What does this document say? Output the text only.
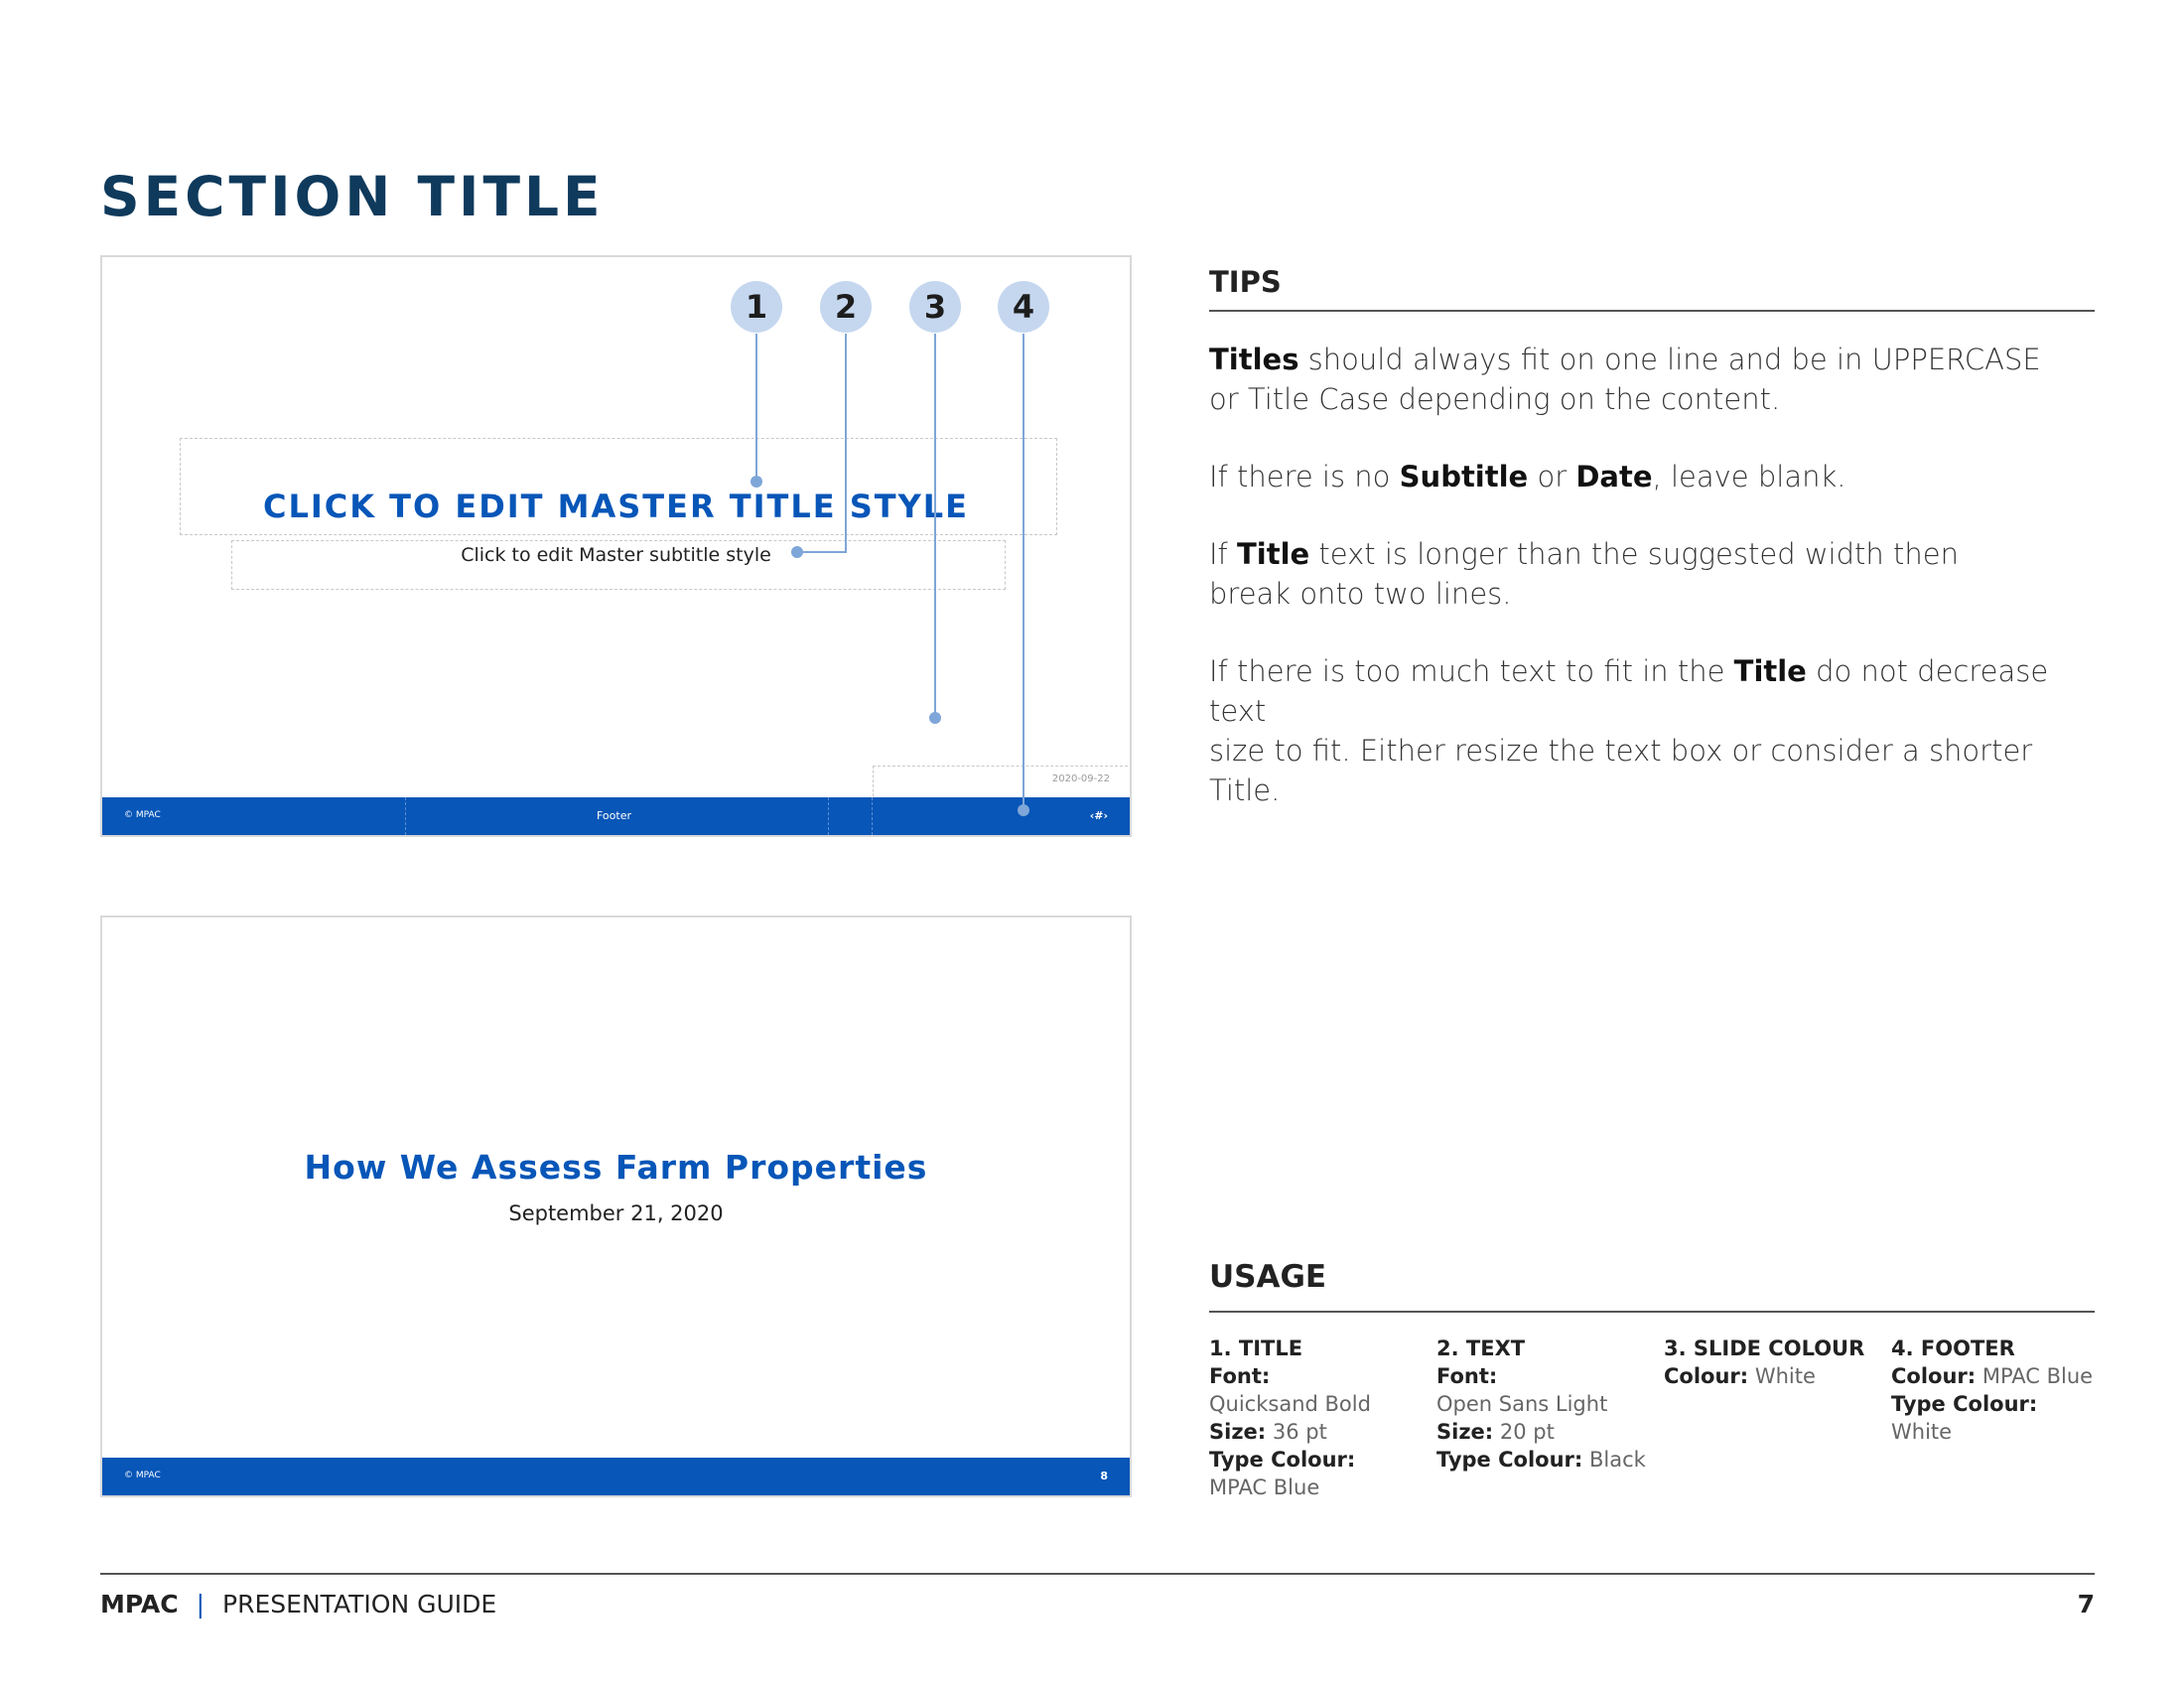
SECTION TITLE
CLICK TO EDIT MASTER TITLE STYLE
Click to edit Master subtitle style
2020-09-22
© MPAC	Footer	‹#›
1	2	3	4
How We Assess Farm Properties
September 21, 2020
© MPAC	8
TIPS
Titles should always fit on one line and be in UPPERCASE
or Title Case depending on the content.
If there is no Subtitle or Date, leave blank.
If Title text is longer than the suggested width then
break onto two lines.
If there is too much text to fit in the Title do not decrease text
size to fit. Either resize the text box or consider a shorter Title.
USAGE
1. TITLE
Font:
Quicksand Bold
Size: 36 pt
Type Colour:
MPAC Blue
2. TEXT
Font:
Open Sans Light
Size: 20 pt
Type Colour: Black
3. SLIDE COLOUR
Colour: White
4. FOOTER
Colour: MPAC Blue
Type Colour: White
MPAC | PRESENTATION GUIDE	7
